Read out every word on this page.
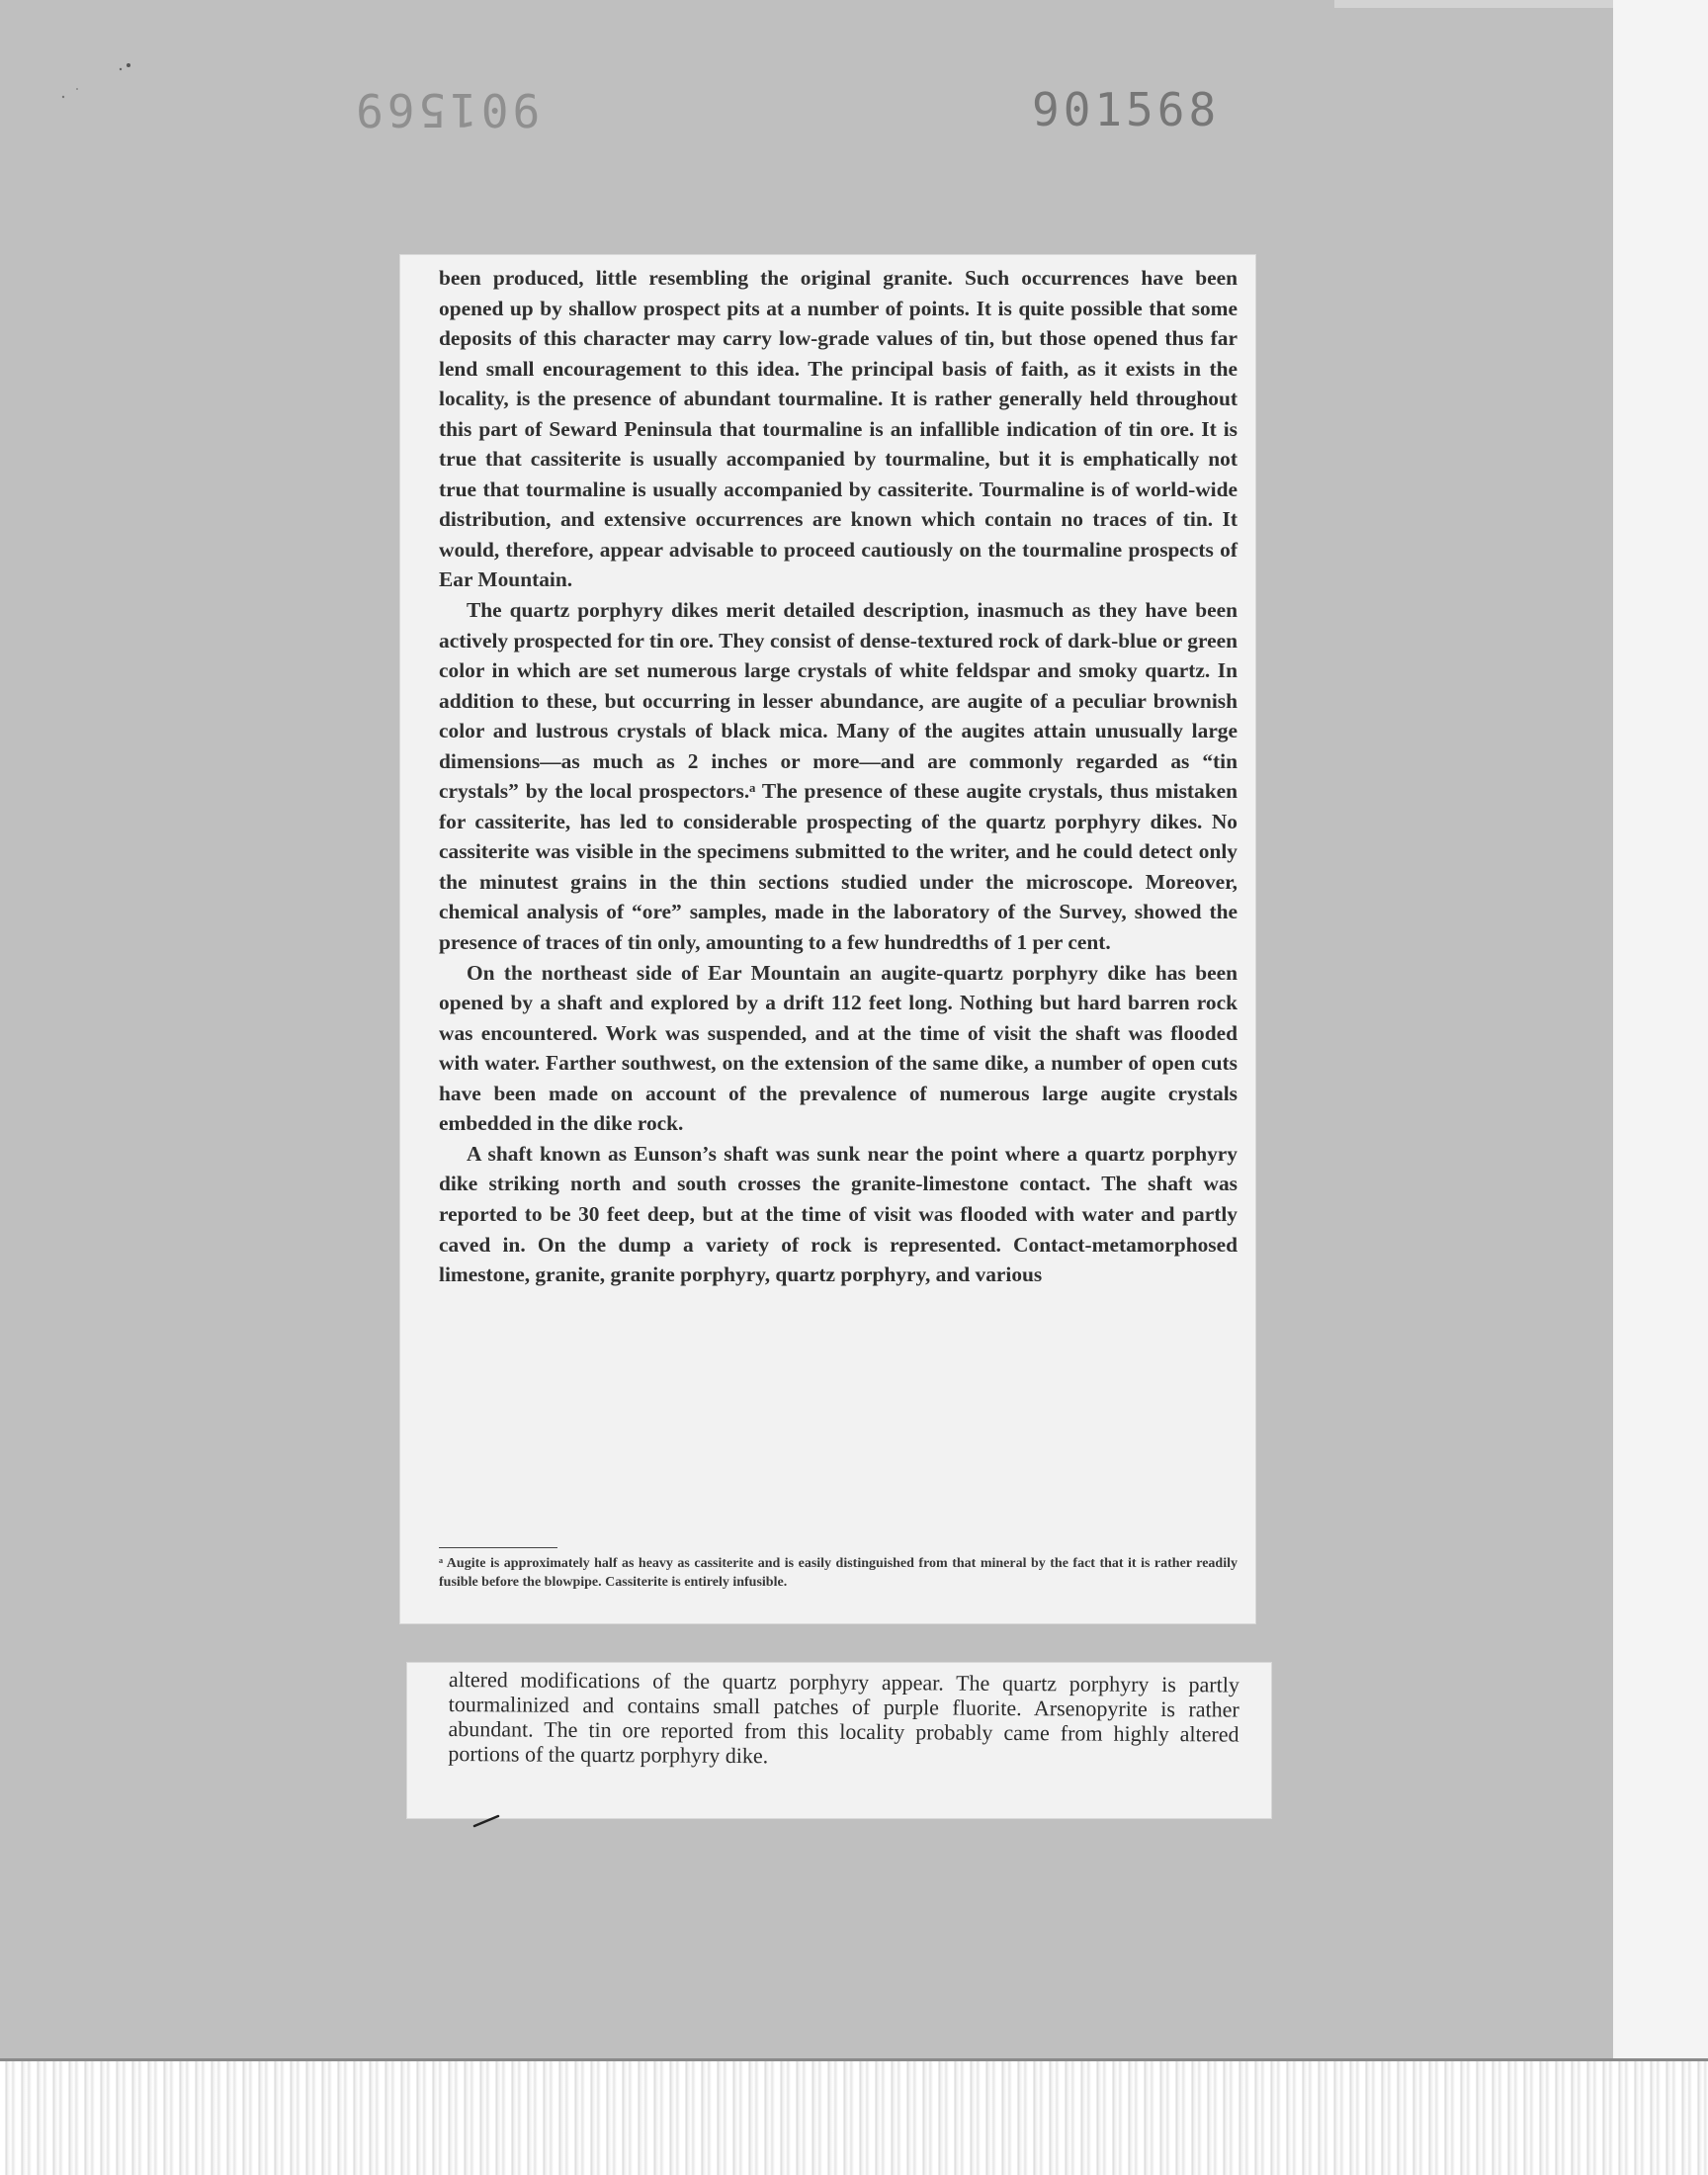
901569	901568

been produced, little resembling the original granite. Such occurrences have been opened up by shallow prospect pits at a number of points. It is quite possible that some deposits of this character may carry low-grade values of tin, but those opened thus far lend small encouragement to this idea. The principal basis of faith, as it exists in the locality, is the presence of abundant tourmaline. It is rather generally held throughout this part of Seward Peninsula that tourmaline is an infallible indication of tin ore. It is true that cassiterite is usually accompanied by tourmaline, but it is emphatically not true that tourmaline is usually accompanied by cassiterite. Tourmaline is of world-wide distribution, and extensive occurrences are known which contain no traces of tin. It would, therefore, appear advisable to proceed cautiously on the tourmaline prospects of Ear Mountain.

The quartz porphyry dikes merit detailed description, inasmuch as they have been actively prospected for tin ore. They consist of dense-textured rock of dark-blue or green color in which are set numerous large crystals of white feldspar and smoky quartz. In addition to these, but occurring in lesser abundance, are augite of a peculiar brownish color and lustrous crystals of black mica. Many of the augites attain unusually large dimensions—as much as 2 inches or more—and are commonly regarded as “tin crystals” by the local prospectors.ᵃ The presence of these augite crystals, thus mistaken for cassiterite, has led to considerable prospecting of the quartz porphyry dikes. No cassiterite was visible in the specimens submitted to the writer, and he could detect only the minutest grains in the thin sections studied under the microscope. Moreover, chemical analysis of “ore” samples, made in the laboratory of the Survey, showed the presence of traces of tin only, amounting to a few hundredths of 1 per cent.

On the northeast side of Ear Mountain an augite-quartz porphyry dike has been opened by a shaft and explored by a drift 112 feet long. Nothing but hard barren rock was encountered. Work was suspended, and at the time of visit the shaft was flooded with water. Farther southwest, on the extension of the same dike, a number of open cuts have been made on account of the prevalence of numerous large augite crystals embedded in the dike rock.

A shaft known as Eunson’s shaft was sunk near the point where a quartz porphyry dike striking north and south crosses the granite-limestone contact. The shaft was reported to be 30 feet deep, but at the time of visit was flooded with water and partly caved in. On the dump a variety of rock is represented. Contact-metamorphosed limestone, granite, granite porphyry, quartz porphyry, and various

ᵃ Augite is approximately half as heavy as cassiterite and is easily distinguished from that mineral by the fact that it is rather readily fusible before the blowpipe. Cassiterite is entirely infusible.
altered modifications of the quartz porphyry appear. The quartz porphyry is partly tourmalinized and contains small patches of purple fluorite. Arsenopyrite is rather abundant. The tin ore reported from this locality probably came from highly altered portions of the quartz porphyry dike.
